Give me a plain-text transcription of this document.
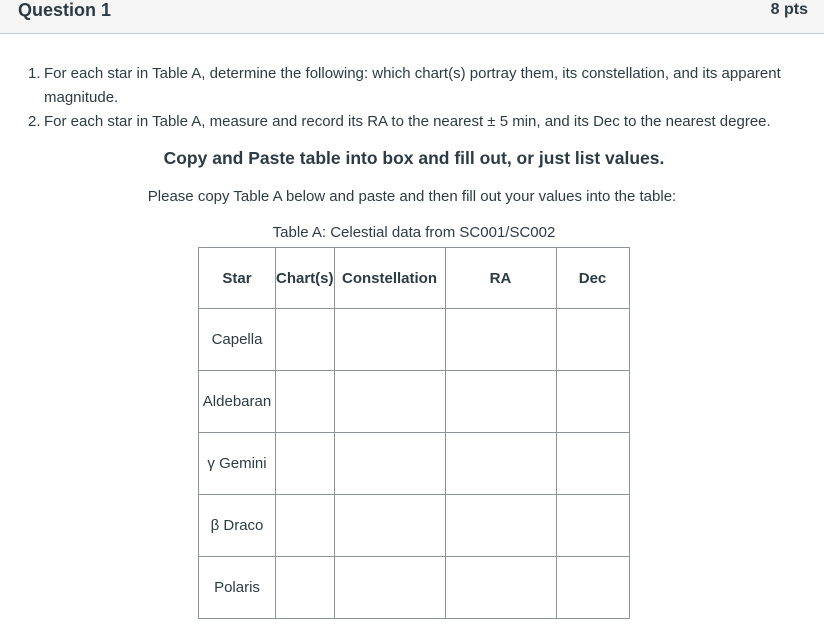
Question 1	8 pts
1. For each star in Table A, determine the following: which chart(s) portray them, its constellation, and its apparent magnitude.
2. For each star in Table A, measure and record its RA to the nearest ± 5 min, and its Dec to the nearest degree.
Copy and Paste table into box and fill out, or just list values.
Please copy Table A below and paste and then fill out your values into the table:
Table A: Celestial data from SC001/SC002
Star	Chart(s)	Constellation	RA	Dec
Capella				
Aldebaran				
γ Gemini				
β Draco				
Polaris				
